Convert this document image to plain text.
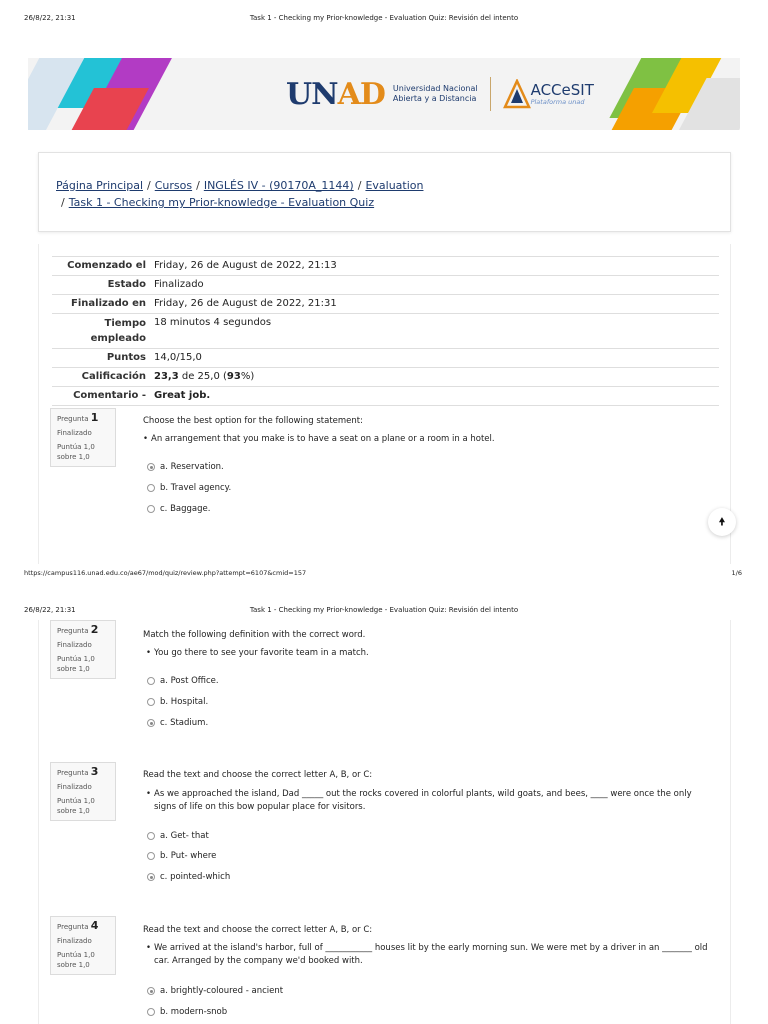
26/8/22, 21:31	Task 1 - Checking my Prior-knowledge - Evaluation Quiz: Revisión del intento
U N AD Universidad Nacional
Abierta y a Distancia	ACCeSIT
Plataforma unad
Página Principal / Cursos / INGLÉS IV - (90170A_1144) / Evaluation
/ Task 1 - Checking my Prior-knowledge - Evaluation Quiz
Comenzado el	Friday, 26 de August de 2022, 21:13
Estado	Finalizado
Finalizado en	Friday, 26 de August de 2022, 21:31
Tiempo empleado	18 minutos 4 segundos
Puntos	14,0/15,0
Calificación	23,3 de 25,0 (93%)
Comentario -	Great job.
Pregunta 1
Finalizado
Puntúa 1,0 sobre 1,0
Choose the best option for the following statement:
• An arrangement that you make is to have a seat on a plane or a room in a hotel.
a. Reservation.
b. Travel agency.
c. Baggage.
🠝
https://campus116.unad.edu.co/ae67/mod/quiz/review.php?attempt=6107&cmid=157	1/6
26/8/22, 21:31	Task 1 - Checking my Prior-knowledge - Evaluation Quiz: Revisión del intento
Pregunta 2
Finalizado
Puntúa 1,0 sobre 1,0
Match the following definition with the correct word.
• You go there to see your favorite team in a match.
a. Post Office.
b. Hospital.
c. Stadium.
Pregunta 3
Finalizado
Puntúa 1,0 sobre 1,0
Read the text and choose the correct letter A, B, or C:
• As we approached the island, Dad _____ out the rocks covered in colorful plants, wild goats, and bees, ____ were once the only signs of life on this bow popular place for visitors.
a. Get- that
b. Put- where
c. pointed-which
Pregunta 4
Finalizado
Puntúa 1,0 sobre 1,0
Read the text and choose the correct letter A, B, or C:
• We arrived at the island's harbor, full of ___________ houses lit by the early morning sun. We were met by a driver in an _______ old car. Arranged by the company we'd booked with.
a. brightly-coloured - ancient
b. modern-snob
